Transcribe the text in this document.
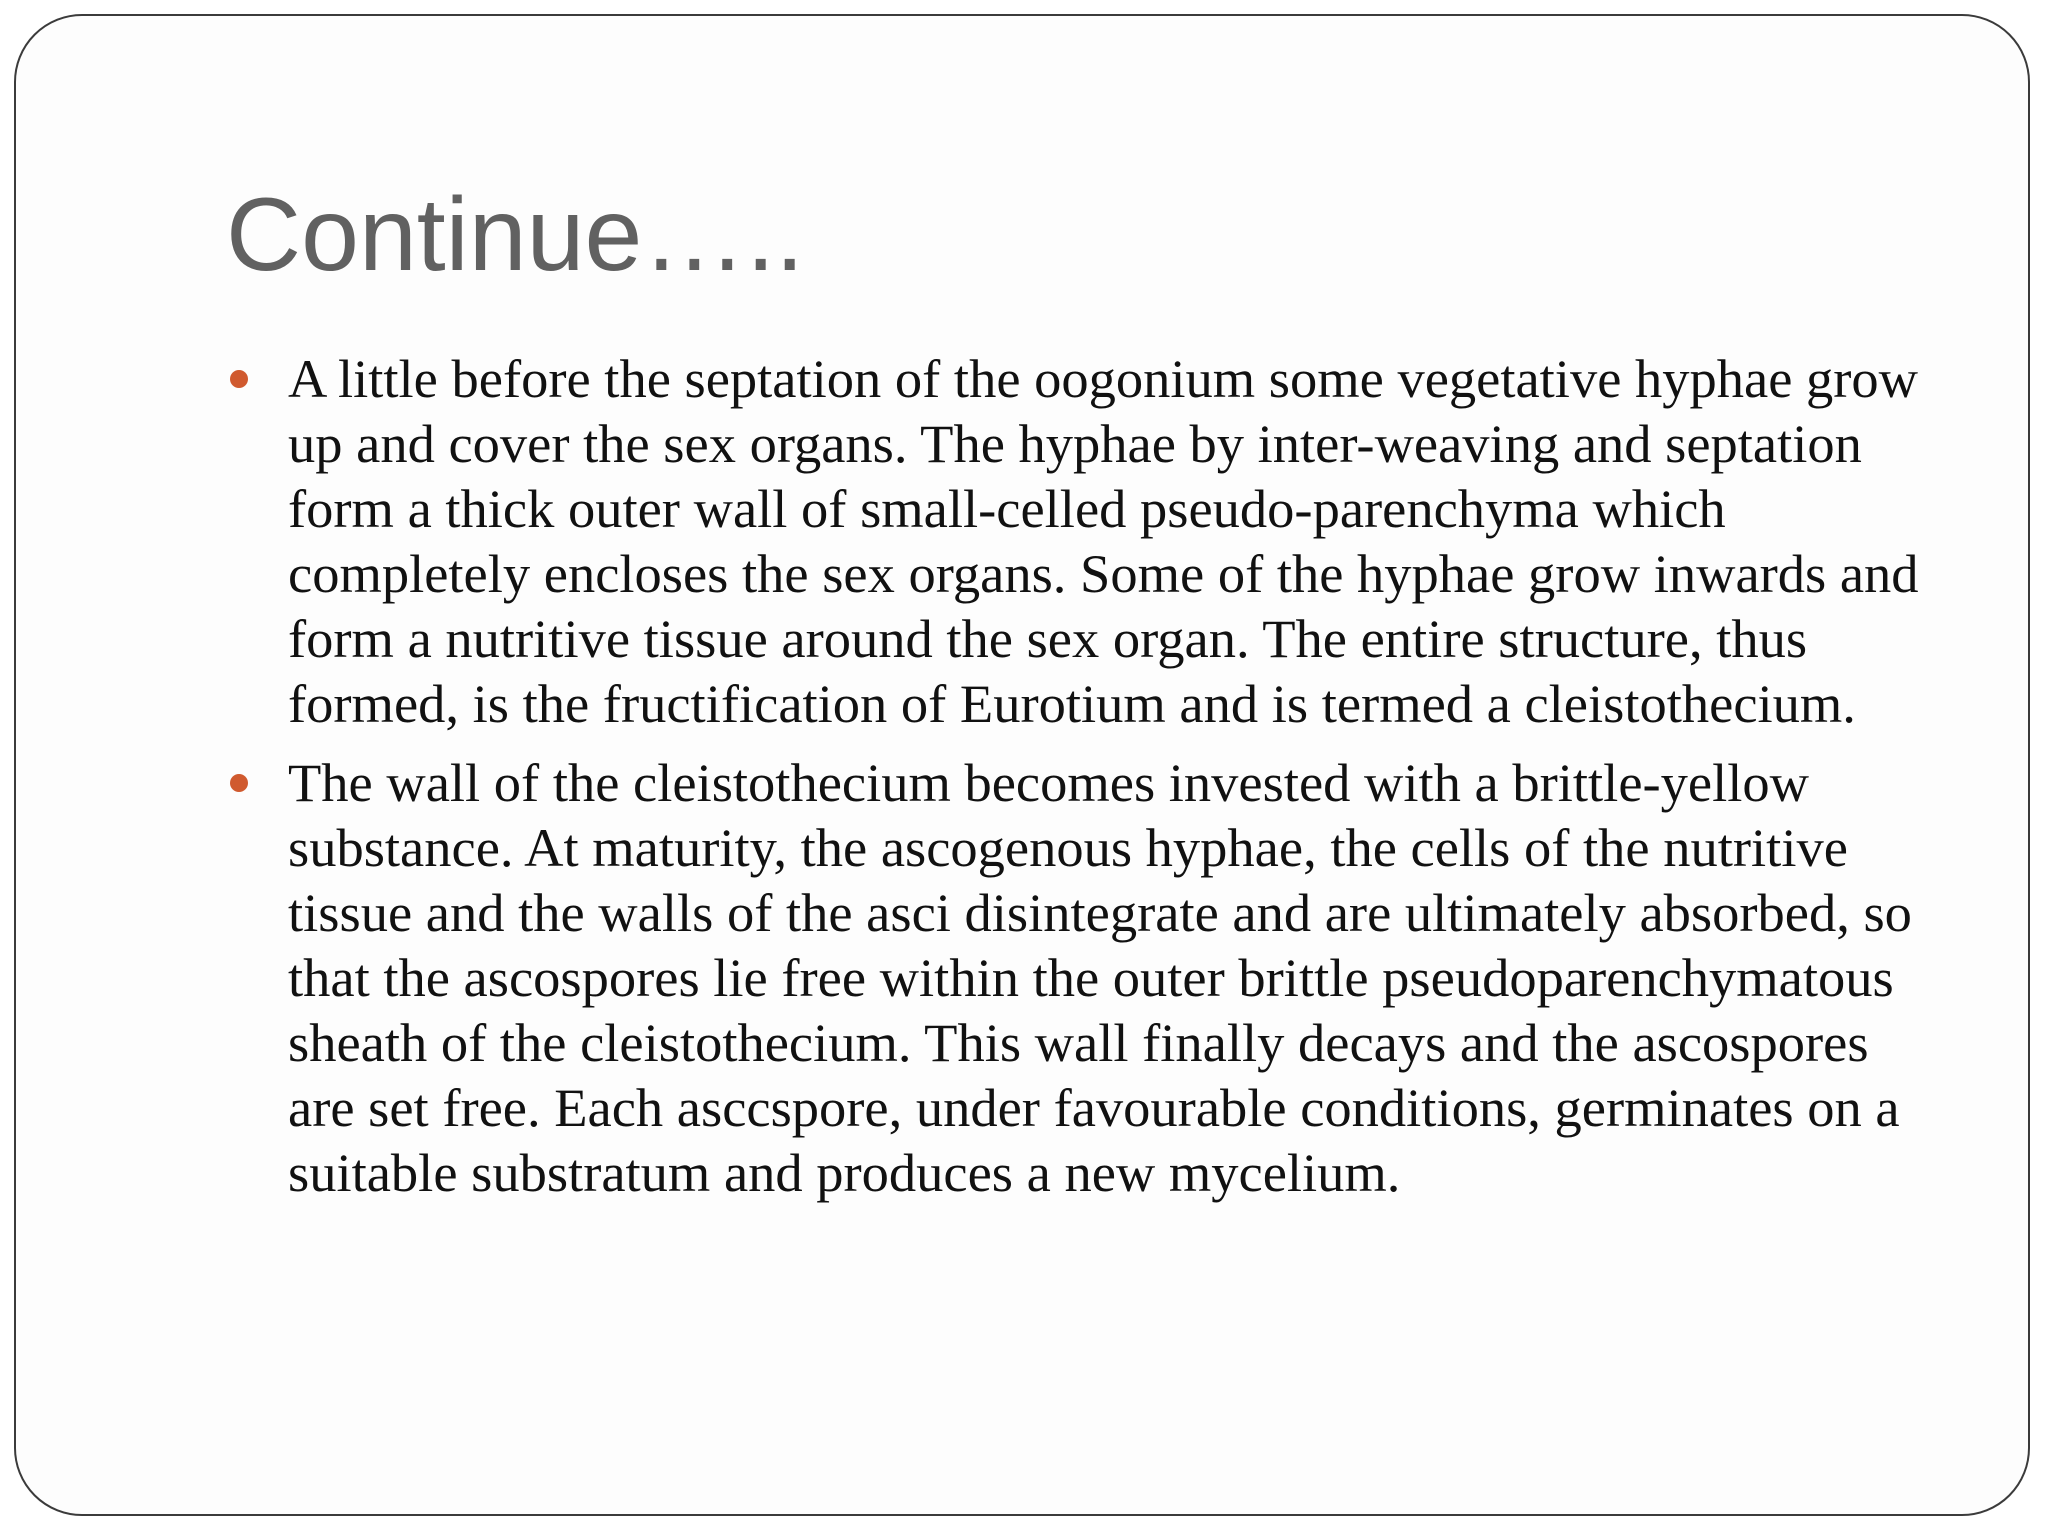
Continue…..
A little before the septation of the oogonium some vegetative hyphae grow up and cover the sex organs. The hyphae by inter-weaving and septation form a thick outer wall of small-celled pseudo-parenchyma which completely encloses the sex organs. Some of the hyphae grow inwards and form a nutritive tissue around the sex organ. The entire structure, thus formed, is the fructification of Eurotium and is termed a cleistothecium.
The wall of the cleistothecium becomes invested with a brittle-yellow substance. At maturity, the ascogenous hyphae, the cells of the nutritive tissue and the walls of the asci disintegrate and are ultimately absorbed, so that the ascospores lie free within the outer brittle pseudoparenchymatous sheath of the cleistothecium. This wall finally decays and the ascospores are set free. Each asccspore, under favourable conditions, germinates on a suitable substratum and produces a new mycelium.
